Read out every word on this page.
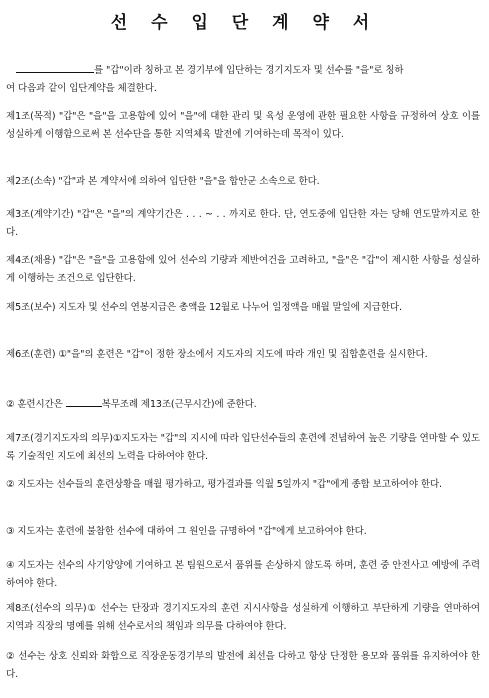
선 수 입 단 계 약 서

를 "갑"이라 칭하고 본 경기부에 입단하는 경기지도자 및 선수를 "을"로 칭하
여 다음과 같이 입단계약을 체결한다.

제1조(목적) "갑"은 "을"을 고용함에 있어 "을"에 대한 관리 및 육성 운영에 관한 필요한 사항을 규정하여 상호 이를 성실하게 이행함으로써 본 선수단을 통한 지역체육 발전에 기여하는데 목적이 있다.

제2조(소속) "갑"과 본 계약서에 의하여 입단한 "을"을 합안군 소속으로 한다.

제3조(계약기간) "갑"은 "을"의 계약기간은 . . . ~ . . 까지로 한다. 단, 연도중에 입단한 자는 당해 연도말까지로 한다.

제4조(채용) "갑"은 "을"을 고용함에 있어 선수의 기량과 제반여건을 고려하고, "을"은 "갑"이 제시한 사항을 성실하게 이행하는 조건으로 입단한다.

제5조(보수) 지도자 및 선수의 연봉지급은 총액을 12월로 나누어 일정액을 매월 말일에 지급한다.

제6조(훈련) ①"을"의 훈련은 "갑"이 정한 장소에서 지도자의 지도에 따라 개인 및 집합훈련을 실시한다.

② 훈련시간은	복무조례 제13조(근무시간)에 준한다.

제7조(경기지도자의 의무)①지도자는 "갑"의 지시에 따라 입단선수들의 훈련에 전념하여 높은 기량을 연마할 수 있도록 기술적인 지도에 최선의 노력을 다하여야 한다.

② 지도자는 선수들의 훈련상황을 매월 평가하고, 평가결과를 익월 5일까지 "갑"에게 종합 보고하여야 한다.

③ 지도자는 훈련에 불참한 선수에 대하여 그 원인을 규명하여 "갑"에게 보고하여야 한다.

④ 지도자는 선수의 사기앙양에 기여하고 본 팀원으로서 품위를 손상하지 않도록 하며, 훈련 중 안전사고 예방에 주력하여야 한다.

제8조(선수의 의무)① 선수는 단장과 경기지도자의 훈련 지시사항을 성실하게 이행하고 부단하게 기량을 연마하여 지역과 직장의 명예를 위해 선수로서의 책임과 의무를 다하여야 한다.

② 선수는 상호 신뢰와 화합으로 직장운동경기부의 발전에 최선을 다하고 항상 단정한 용모와 품위를 유지하여야 한다.
